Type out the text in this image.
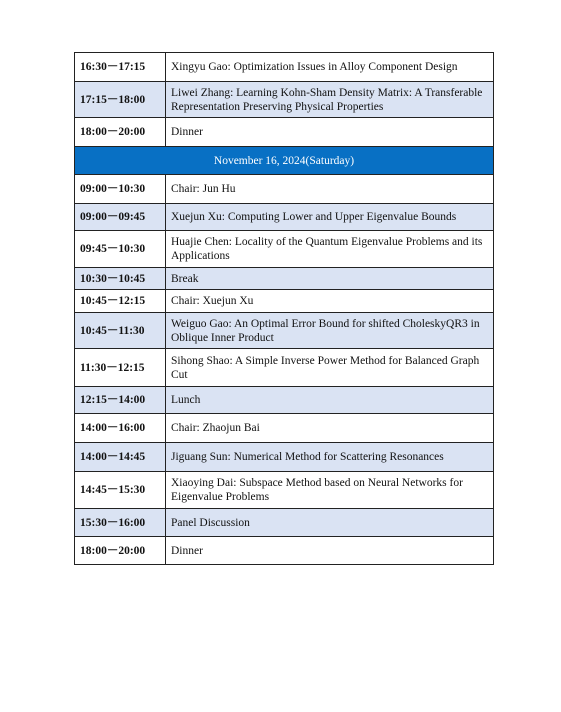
16:30－17:15	Xingyu Gao: Optimization Issues in Alloy Component Design
17:15－18:00	Liwei Zhang: Learning Kohn-Sham Density Matrix: A Transferable Representation Preserving Physical Properties
18:00－20:00	Dinner
November 16, 2024(Saturday)	
09:00－10:30	Chair: Jun Hu
09:00－09:45	Xuejun Xu: Computing Lower and Upper Eigenvalue Bounds
09:45－10:30	Huajie Chen: Locality of the Quantum Eigenvalue Problems and its Applications
10:30－10:45	Break
10:45－12:15	Chair: Xuejun Xu
10:45－11:30	Weiguo Gao: An Optimal Error Bound for shifted CholeskyQR3 in Oblique Inner Product
11:30－12:15	Sihong Shao: A Simple Inverse Power Method for Balanced Graph Cut
12:15－14:00	Lunch
14:00－16:00	Chair: Zhaojun Bai
14:00－14:45	Jiguang Sun: Numerical Method for Scattering Resonances
14:45－15:30	Xiaoying Dai: Subspace Method based on Neural Networks for Eigenvalue Problems
15:30－16:00	Panel Discussion
18:00－20:00	Dinner
